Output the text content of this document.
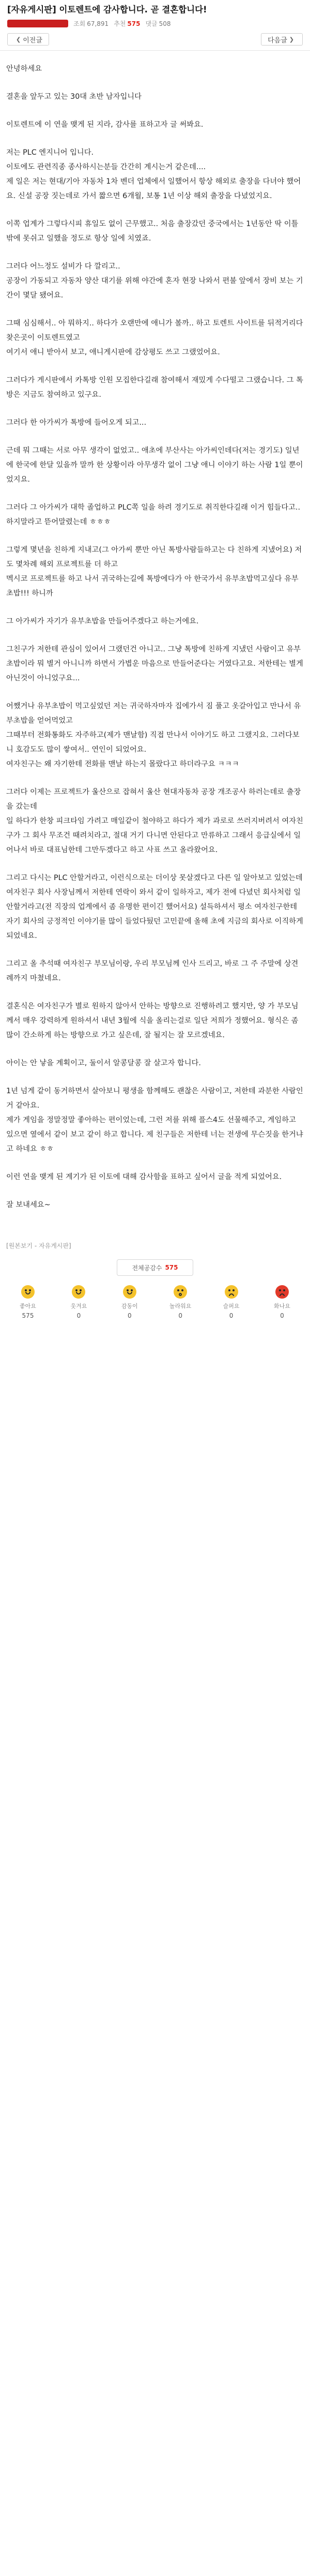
[자유게시판] 이토렌트에 감사합니다. 곧 결혼합니다!
조회 67,891 추천 575 댓글 508
❮ 이전글	다음글 ❯

안녕하세요

결혼을 앞두고 있는 30대 초반 남자입니다

이토렌트에 이 연을 맺게 된 지라, 감사를 표하고자 글 써봐요.

저는 PLC 엔지니어 입니다.
이토에도 관련직종 종사하시는분들 간간히 계시는거 같은데....
제 일은 저는 현대/기아 자동차 1차 벤더 업체에서 일했어서 항상 해외로 출장을 다녀야 했어요. 신설 공장 짓는데로 가서 짧으면 6개월, 보통 1년 이상 해외 출장을 다녔었지요.

이쪽 업계가 그렇다시피 휴일도 없이 근무했고.. 처음 출장갔던 중국에서는 1년동안 딱 이틀밖에 못쉬고 일했을 정도로 항상 일에 치였죠.

그러다 어느정도 설비가 다 깔리고..
공장이 가동되고 자동차 양산 대기를 위해 야간에 혼자 현장 나와서 편불 앞에서 장비 보는 기간이 몇달 됐어요.

그때 심심해서.. 아 뭐하지.. 하다가 오랜만에 애니가 볼까.. 하고 토렌트 사이트를 뒤적거리다 찾은곳이 이토렌트였고
여기서 애니 받아서 보고, 애니게시판에 감상평도 쓰고 그랬었어요.

그러다가 게시판에서 카톡방 인원 모집한다길래 참여해서 재밌게 수다떨고 그랬습니다. 그 톡방은 지금도 참여하고 있구요.

그러다 한 아가씨가 톡방에 들어오게 되고...

근데 뭐 그때는 서로 아무 생각이 없었고.. 애초에 부산사는 아가씨인데다(저는 경기도) 일년에 한국에 한달 있을까 말까 한 상황이라 아무생각 없이 그냥 애니 이야기 하는 사람 1일 뿐이었지요.

그러다 그 아가씨가 대학 졸업하고 PLC쪽 일을 하려 경기도로 취직한다길래 이거 힘들다고.. 하지말라고 뜯어말렸는데 ㅎㅎㅎ

그렇게 몇년을 친하게 지내고(그 아가씨 뿐만 아닌 톡방사람들하고는 다 친하게 지냈어요) 저도 몇차례 해외 프로젝트를 더 하고
멕시코 프로젝트를 하고 나서 귀국하는길에 톡방에다가 아 한국가서 유부초밥먹고싶다 유부초밥!!! 하니까

그 아가씨가 자기가 유부초밥을 만들어주겠다고 하는거에요.

그친구가 저한테 관심이 있어서 그랬던건 아니고.. 그냥 톡방에 친하게 지냈던 사람이고 유부초밥이라 뭐 별거 아니니까 하면서 가볍운 마음으로 만들어준다는 거였다고요. 저한테는 별게 아닌것이 아니었구요...

어쨌거나 유부초밥이 먹고싶었던 저는 귀국하자마자 집에가서 짐 풀고 옷갈아입고 만나서 유부초밥을 얻어먹었고
그때부터 전화통화도 자주하고(제가 맨날함) 직접 만나서 이야기도 하고 그랬지요. 그러다보니 호감도도 많이 쌓여서.. 연인이 되었어요.
여자친구는 왜 자기한테 전화를 맨날 하는지 몰랐다고 하더라구요 ㅋㅋㅋ

그러다 이제는 프로젝트가 울산으로 잡혀서 울산 현대자동차 공장 개조공사 하러는데로 출장을 갔는데
일 하다가 한창 피크타임 가려고 매일같이 철야하고 하다가 제가 과로로 쓰러지버려서 여자친구가 그 회사 무조건 때려치라고, 절대 거기 다니면 안된다고 만류하고 그래서 응급실에서 일어나서 바로 대표님한테 그만두겠다고 하고 사표 쓰고 올라왔어요.

그리고 다시는 PLC 안할거라고, 이런식으로는 더이상 못살겠다고 다른 일 알아보고 있었는데
여자친구 회사 사장님께서 저한테 연락이 와서 같이 일하자고, 제가 전에 다녔던 회사처럼 일 안할거라고(전 직장의 업계에서 좀 유명한 편이긴 했어서요) 설득하셔서 평소 여자친구한테 자기 회사의 긍정적인 이야기를 많이 들었다뒀던 고민끝에 올해 초에 지금의 회사로 이직하게 되었네요.

그리고 올 추석때 여자친구 부모님이랑, 우리 부모님께 인사 드리고, 바로 그 주 주말에 상견례까지 마쳤네요.

결혼식은 여자친구가 별로 원하지 않아서 안하는 방향으로 진행하려고 했지만, 양 가 부모님께서 매우 강력하게 원하셔서 내년 3월에 식을 올리는걸로 일단 저희가 정했어요. 형식은 좀 많이 간소하게 하는 방향으로 가고 싶은데, 잘 될지는 잘 모르겠네요.

아이는 안 낳을 계획이고, 둘이서 알콩달콩 잘 살고자 합니다.

1년 넘게 같이 동거하면서 살아보니 평생을 함께해도 괜찮은 사람이고, 저한테 과분한 사람인거 같아요.
제가 게임을 정말정말 좋아하는 편이었는데, 그런 저를 위해 플스4도 선물해주고, 게임하고 있으면 옆에서 같이 보고 같이 하고 합니다. 제 친구들은 저한테 너는 전생에 무슨짓을 한거냐고 하네요 ㅎㅎ

이런 연을 맺게 된 계기가 된 이토에 대해 감사함을 표하고 싶어서 글을 적게 되었어요.

잘 보내세요~

[원본보기 - 자유게시판]
전체공감수 575
좋아요
575
웃겨요
0
감동이
0
놀라워요
0
슬퍼요
0
화나요
0
